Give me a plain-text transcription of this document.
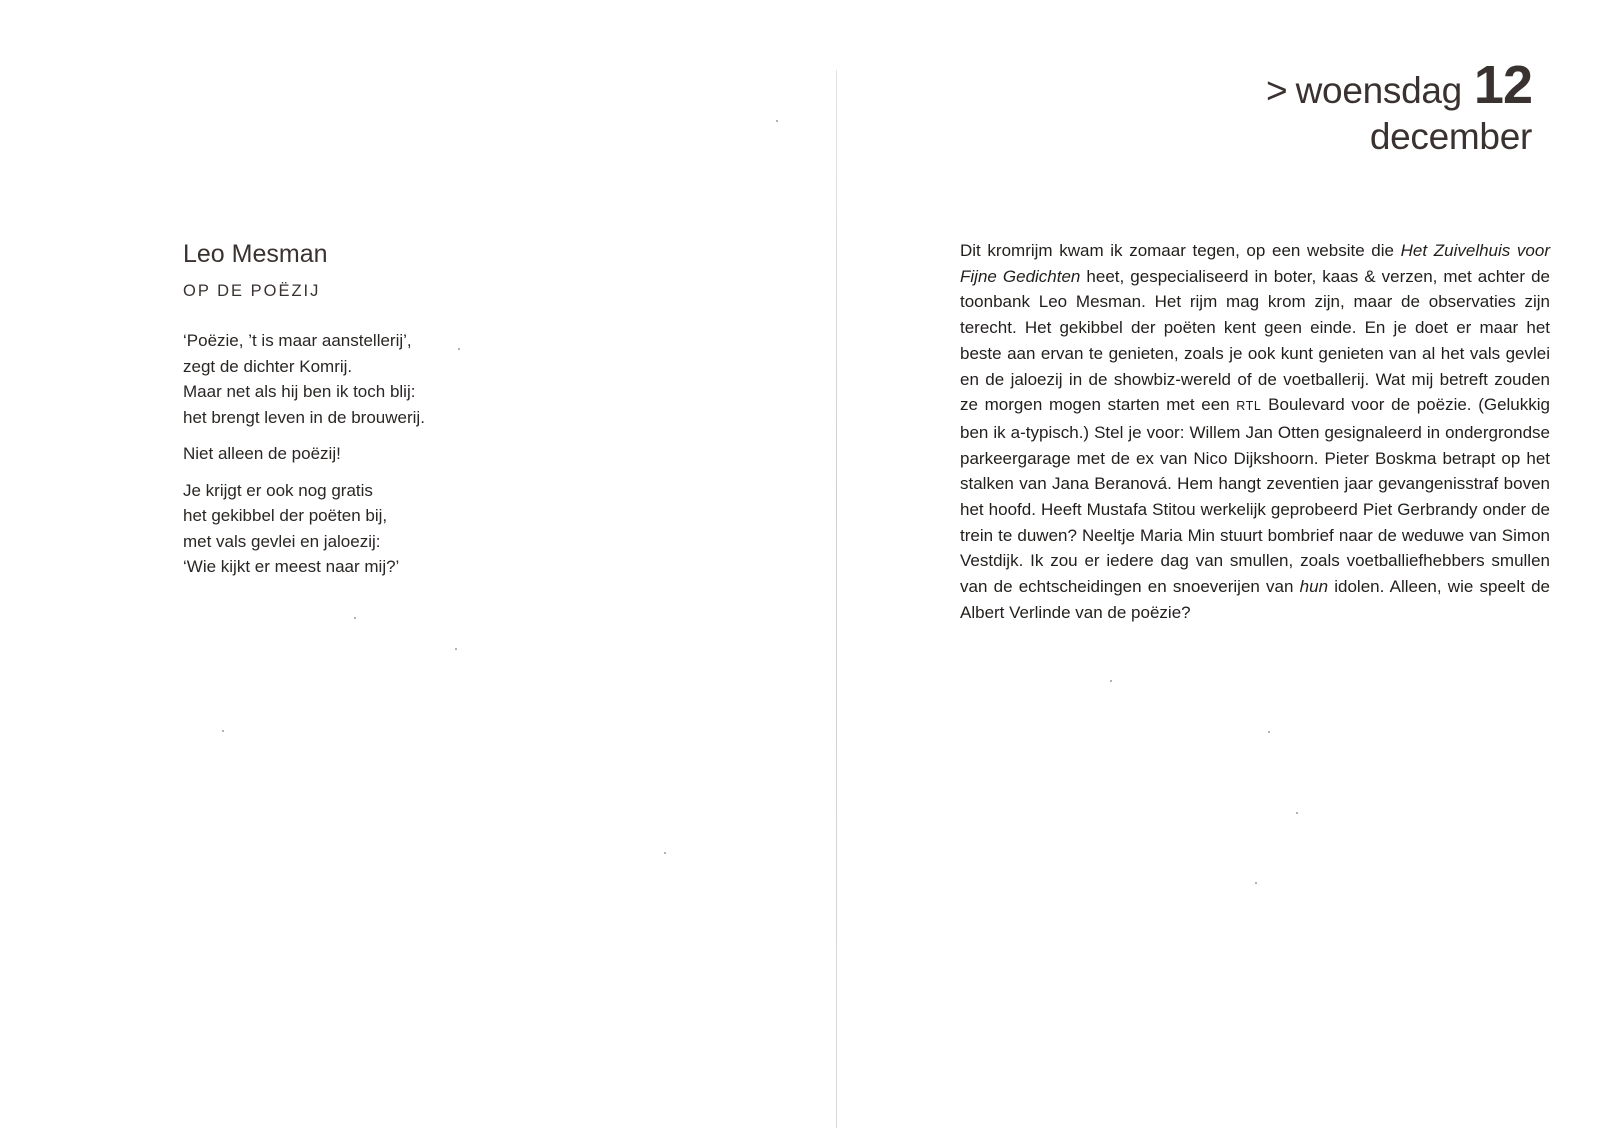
> woensdag 12
december
Leo Mesman
OP DE POËZIJ
‘Poëzie, ’t is maar aanstellerij’,
zegt de dichter Komrij.
Maar net als hij ben ik toch blij:
het brengt leven in de brouwerij.
Niet alleen de poëzij!
Je krijgt er ook nog gratis
het gekibbel der poëten bij,
met vals gevlei en jaloezij:
‘Wie kijkt er meest naar mij?’
Dit kromrijm kwam ik zomaar tegen, op een website die Het Zuivelhuis voor Fijne Gedichten heet, gespecialiseerd in boter, kaas & verzen, met achter de toonbank Leo Mesman. Het rijm mag krom zijn, maar de observaties zijn terecht. Het gekibbel der poëten kent geen einde. En je doet er maar het beste aan ervan te genieten, zoals je ook kunt genieten van al het vals gevlei en de jaloezij in de showbiz-wereld of de voetballerij. Wat mij betreft zouden ze morgen mogen starten met een RTL Boulevard voor de poëzie. (Gelukkig ben ik a-typisch.) Stel je voor: Willem Jan Otten gesignaleerd in ondergrondse parkeergarage met de ex van Nico Dijkshoorn. Pieter Boskma betrapt op het stalken van Jana Beranová. Hem hangt zeventien jaar gevangenisstraf boven het hoofd. Heeft Mustafa Stitou werkelijk geprobeerd Piet Gerbrandy onder de trein te duwen? Neeltje Maria Min stuurt bombrief naar de weduwe van Simon Vestdijk. Ik zou er iedere dag van smullen, zoals voetballiefhebbers smullen van de echtscheidingen en snoeverijen van hun idolen. Alleen, wie speelt de Albert Verlinde van de poëzie?
